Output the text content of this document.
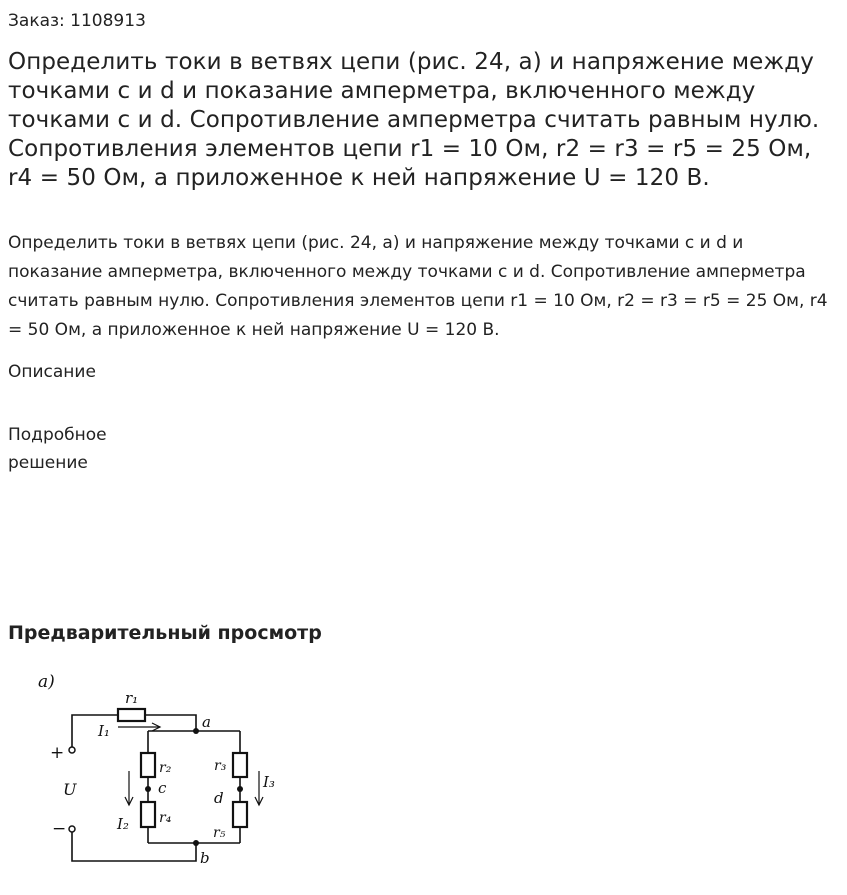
Заказ: 1108913
Определить токи в ветвях цепи (рис. 24, а) и напряжение между точками c и d и показание амперметра, включенного между точками c и d. Сопротивление амперметра считать равным нулю. Сопротивления элементов цепи r1 = 10 Ом, r2 = r3 = r5 = 25 Ом, r4 = 50 Ом, а приложенное к ней напряжение U = 120 В.

Определить токи в ветвях цепи (рис. 24, а) и напряжение между точками c и d и показание амперметра, включенного между точками c и d. Сопротивление амперметра считать равным нулю. Сопротивления элементов цепи r1 = 10 Ом, r2 = r3 = r5 = 25 Ом, r4 = 50 Ом, а приложенное к ней напряжение U = 120 В.

Описание
Подробное решение
Предварительный просмотр
а)
r₁
I₁	a
+
U
−
r₂
c
r₄
I₂
r₃
d
r₅
I₃
b
